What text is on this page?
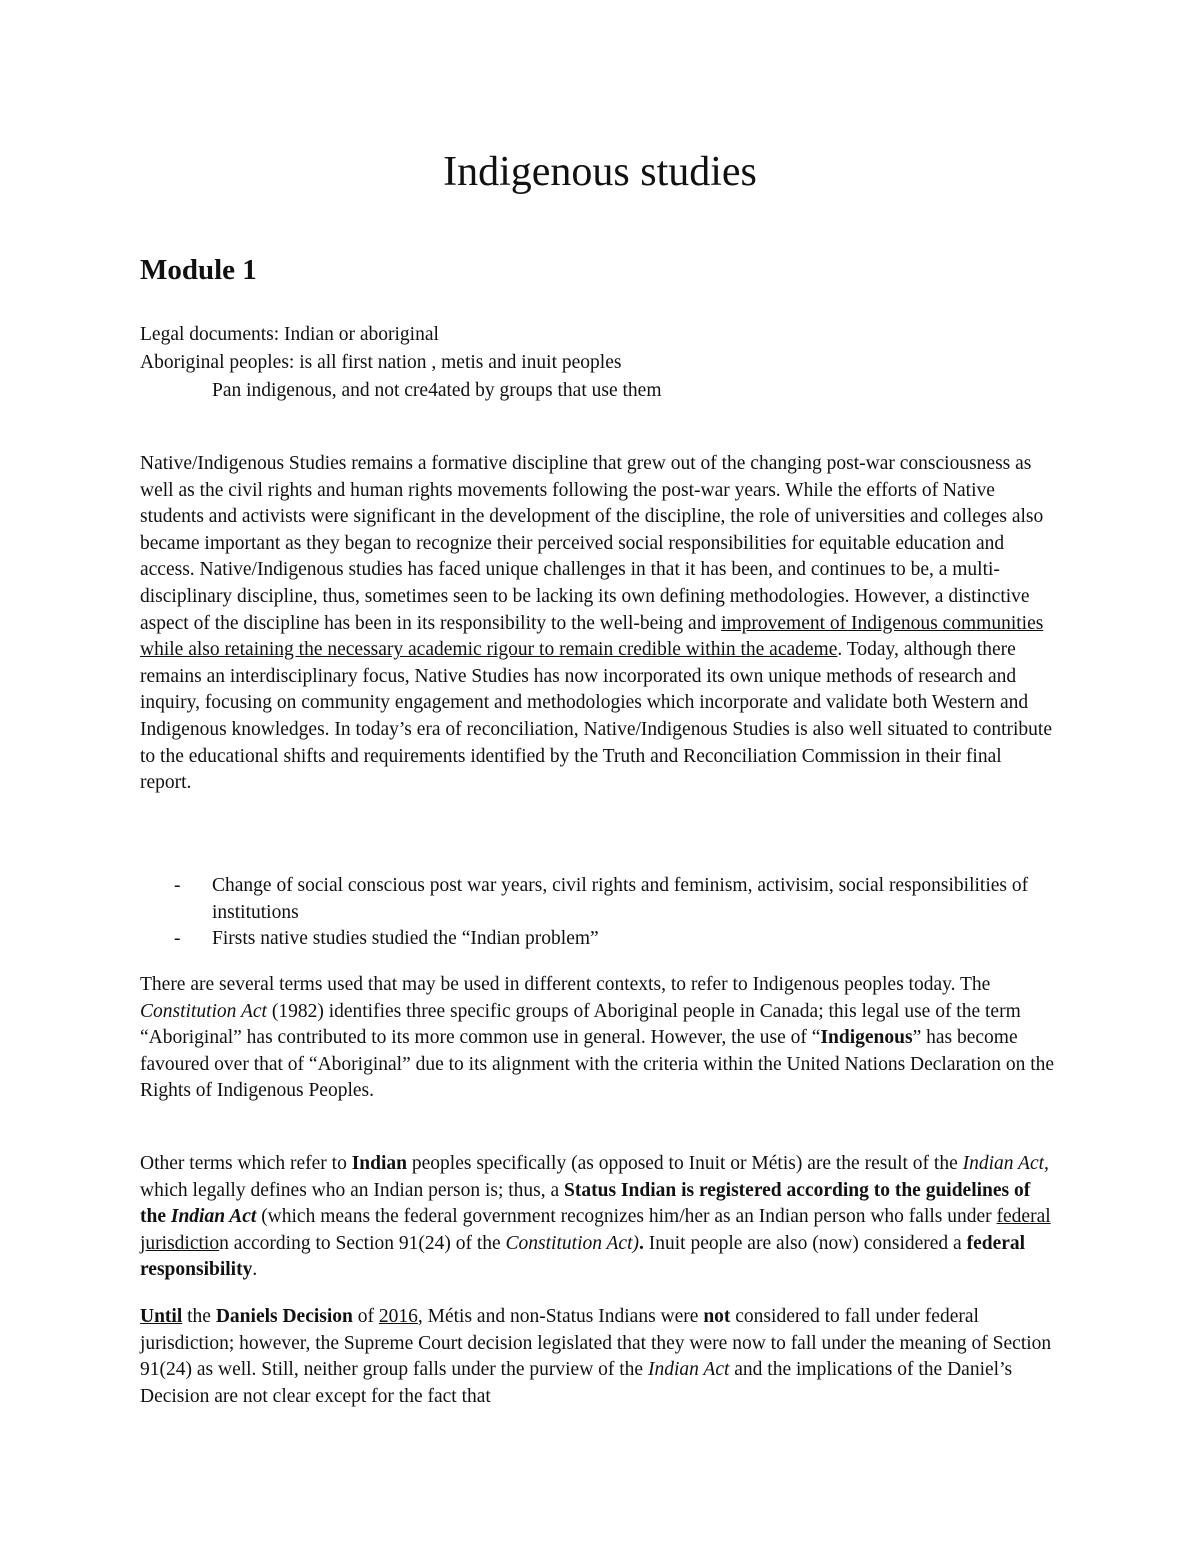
Indigenous studies
Module 1
Legal documents: Indian or aboriginal
Aboriginal peoples: is all first nation , metis and inuit peoples
Pan indigenous, and not cre4ated by groups that use them

Native/Indigenous Studies remains a formative discipline that grew out of the changing post-war consciousness as well as the civil rights and human rights movements following the post-war years. While the efforts of Native students and activists were significant in the development of the discipline, the role of universities and colleges also became important as they began to recognize their perceived social responsibilities for equitable education and access. Native/Indigenous studies has faced unique challenges in that it has been, and continues to be, a multi-disciplinary discipline, thus, sometimes seen to be lacking its own defining methodologies. However, a distinctive aspect of the discipline has been in its responsibility to the well-being and improvement of Indigenous communities while also retaining the necessary academic rigour to remain credible within the academe. Today, although there remains an interdisciplinary focus, Native Studies has now incorporated its own unique methods of research and inquiry, focusing on community engagement and methodologies which incorporate and validate both Western and Indigenous knowledges. In today’s era of reconciliation, Native/Indigenous Studies is also well situated to contribute to the educational shifts and requirements identified by the Truth and Reconciliation Commission in their final report.

- Change of social conscious post war years, civil rights and feminism, activisim, social responsibilities of institutions
- Firsts native studies studied the “Indian problem”

There are several terms used that may be used in different contexts, to refer to Indigenous peoples today. The Constitution Act (1982) identifies three specific groups of Aboriginal people in Canada; this legal use of the term “Aboriginal” has contributed to its more common use in general. However, the use of “Indigenous” has become favoured over that of “Aboriginal” due to its alignment with the criteria within the United Nations Declaration on the Rights of Indigenous Peoples.

Other terms which refer to Indian peoples specifically (as opposed to Inuit or Métis) are the result of the Indian Act, which legally defines who an Indian person is; thus, a Status Indian is registered according to the guidelines of the Indian Act (which means the federal government recognizes him/her as an Indian person who falls under federal jurisdiction according to Section 91(24) of the Constitution Act). Inuit people are also (now) considered a federal responsibility.

Until the Daniels Decision of 2016, Métis and non-Status Indians were not considered to fall under federal jurisdiction; however, the Supreme Court decision legislated that they were now to fall under the meaning of Section 91(24) as well. Still, neither group falls under the purview of the Indian Act and the implications of the Daniel’s Decision are not clear except for the fact that
